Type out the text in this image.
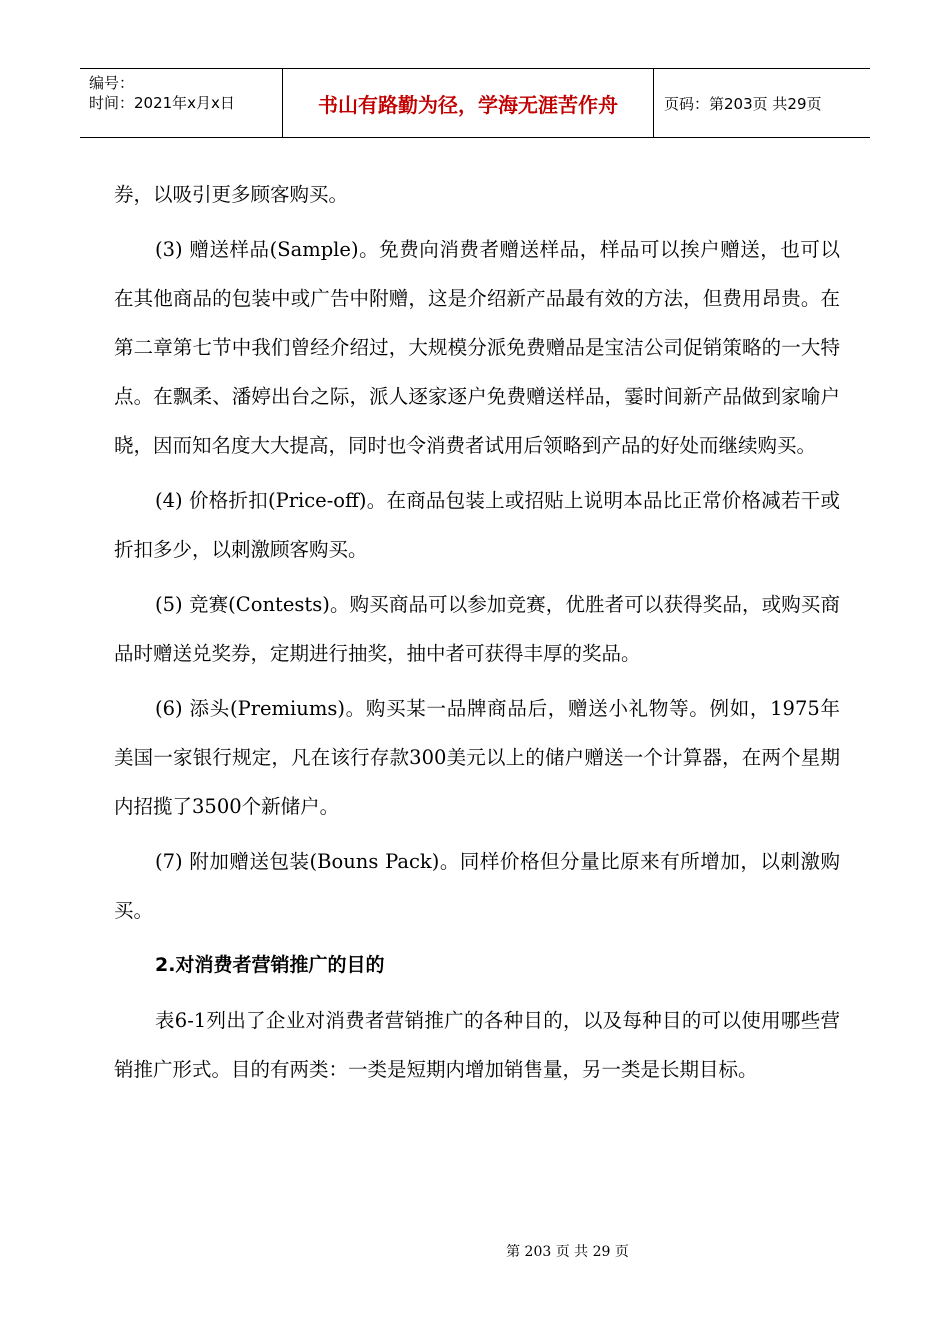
编号：
时间：2021年x月x日	书山有路勤为径，学海无涯苦作舟	页码：第203页 共29页

券，以吸引更多顾客购买。

(3) 赠送样品(Sample)。免费向消费者赠送样品，样品可以挨户赠送，也可以在其他商品的包装中或广告中附赠，这是介绍新产品最有效的方法，但费用昂贵。在第二章第七节中我们曾经介绍过，大规模分派免费赠品是宝洁公司促销策略的一大特点。在飘柔、潘婷出台之际，派人逐家逐户免费赠送样品，霎时间新产品做到家喻户晓，因而知名度大大提高，同时也令消费者试用后领略到产品的好处而继续购买。

(4) 价格折扣(Price-off)。在商品包装上或招贴上说明本品比正常价格减若干或折扣多少，以刺激顾客购买。

(5) 竞赛(Contests)。购买商品可以参加竞赛，优胜者可以获得奖品，或购买商品时赠送兑奖券，定期进行抽奖，抽中者可获得丰厚的奖品。

(6) 添头(Premiums)。购买某一品牌商品后，赠送小礼物等。例如，1975年美国一家银行规定，凡在该行存款300美元以上的储户赠送一个计算器，在两个星期内招揽了3500个新储户。

(7) 附加赠送包装(Bouns Pack)。同样价格但分量比原来有所增加，以刺激购买。

2.对消费者营销推广的目的

表6-1列出了企业对消费者营销推广的各种目的，以及每种目的可以使用哪些营销推广形式。目的有两类：一类是短期内增加销售量，另一类是长期目标。

第 203 页 共 29 页
